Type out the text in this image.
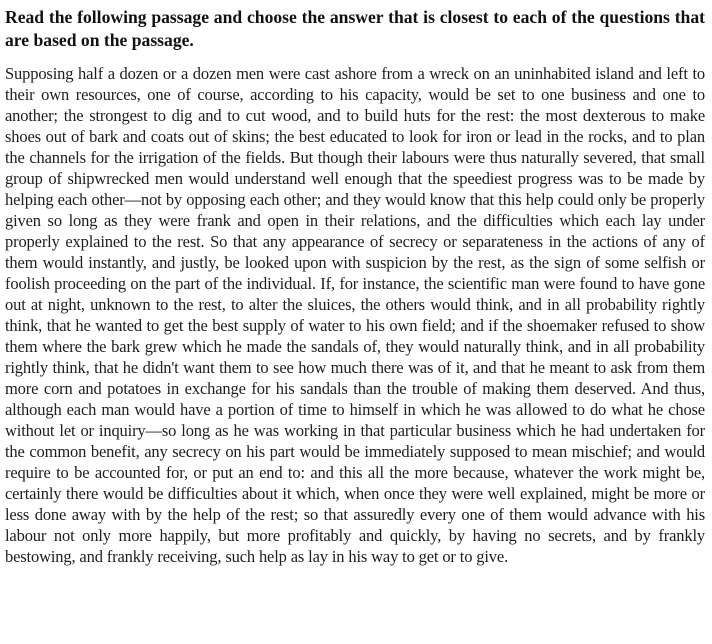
Read the following passage and choose the answer that is closest to each of the questions that are based on the passage.

Supposing half a dozen or a dozen men were cast ashore from a wreck on an uninhabited island and left to their own resources, one of course, according to his capacity, would be set to one business and one to another; the strongest to dig and to cut wood, and to build huts for the rest: the most dexterous to make shoes out of bark and coats out of skins; the best educated to look for iron or lead in the rocks, and to plan the channels for the irrigation of the fields. But though their labours were thus naturally severed, that small group of shipwrecked men would understand well enough that the speediest progress was to be made by helping each other—not by opposing each other; and they would know that this help could only be properly given so long as they were frank and open in their relations, and the difficulties which each lay under properly explained to the rest. So that any appearance of secrecy or separateness in the actions of any of them would instantly, and justly, be looked upon with suspicion by the rest, as the sign of some selfish or foolish proceeding on the part of the individual. If, for instance, the scientific man were found to have gone out at night, unknown to the rest, to alter the sluices, the others would think, and in all probability rightly think, that he wanted to get the best supply of water to his own field; and if the shoemaker refused to show them where the bark grew which he made the sandals of, they would naturally think, and in all probability rightly think, that he didn't want them to see how much there was of it, and that he meant to ask from them more corn and potatoes in exchange for his sandals than the trouble of making them deserved. And thus, although each man would have a portion of time to himself in which he was allowed to do what he chose without let or inquiry—so long as he was working in that particular business which he had undertaken for the common benefit, any secrecy on his part would be immediately supposed to mean mischief; and would require to be accounted for, or put an end to: and this all the more because, whatever the work might be, certainly there would be difficulties about it which, when once they were well explained, might be more or less done away with by the help of the rest; so that assuredly every one of them would advance with his labour not only more happily, but more profitably and quickly, by having no secrets, and by frankly bestowing, and frankly receiving, such help as lay in his way to get or to give.
